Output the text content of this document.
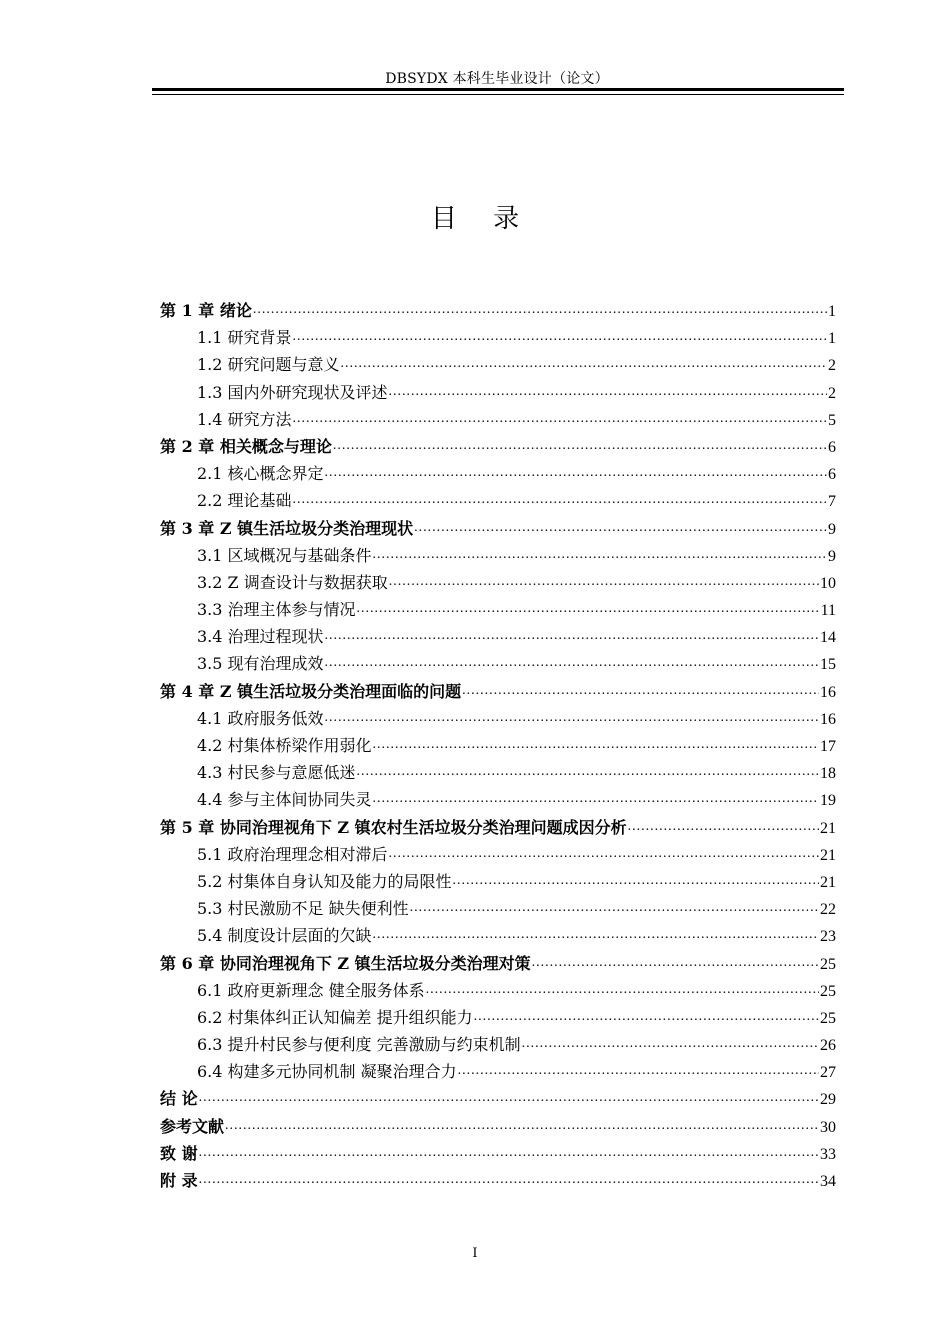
DBSYDX 本科生毕业设计（论文）
目 录
第 1 章 绪论 .....	1
1.1 研究背景 .....	1
1.2 研究问题与意义 .....	2
1.3 国内外研究现状及评述 .....	2
1.4 研究方法 .....	5
第 2 章 相关概念与理论 .....	6
2.1 核心概念界定 .....	6
2.2 理论基础 .....	7
第 3 章 Z 镇生活垃圾分类治理现状 .....	9
3.1 区域概况与基础条件 .....	9
3.2 Z 调查设计与数据获取 .....	10
3.3 治理主体参与情况 .....	11
3.4 治理过程现状 .....	14
3.5 现有治理成效 .....	15
第 4 章 Z 镇生活垃圾分类治理面临的问题 .....	16
4.1 政府服务低效 .....	16
4.2 村集体桥梁作用弱化 .....	17
4.3 村民参与意愿低迷 .....	18
4.4 参与主体间协同失灵 .....	19
第 5 章 协同治理视角下 Z 镇农村生活垃圾分类治理问题成因分析 .....	21
5.1 政府治理理念相对滞后 .....	21
5.2 村集体自身认知及能力的局限性 .....	21
5.3 村民激励不足 缺失便利性 .....	22
5.4 制度设计层面的欠缺 .....	23
第 6 章 协同治理视角下 Z 镇生活垃圾分类治理对策 .....	25
6.1 政府更新理念 健全服务体系 .....	25
6.2 村集体纠正认知偏差 提升组织能力 .....	25
6.3 提升村民参与便利度 完善激励与约束机制 .....	26
6.4 构建多元协同机制 凝聚治理合力 .....	27
结 论 .....	29
参考文献 .....	30
致 谢 .....	33
附 录 .....	34
I
